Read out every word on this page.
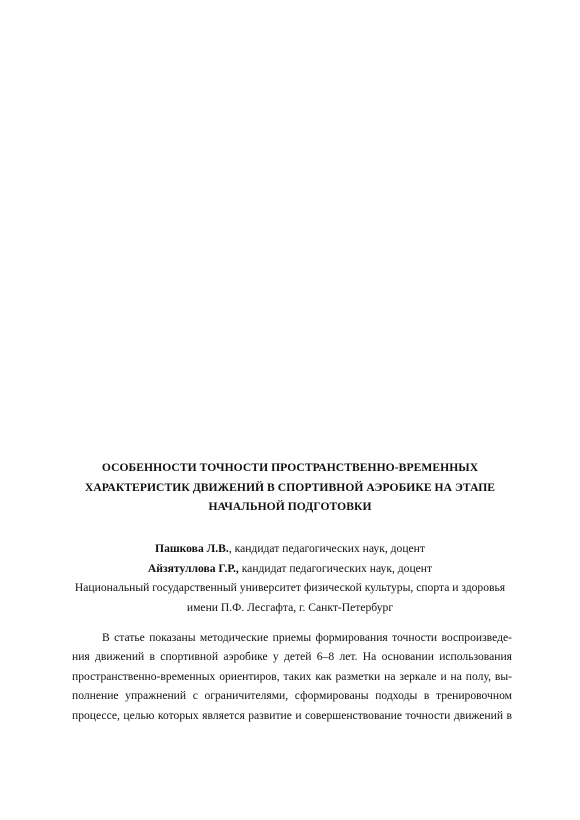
ОСОБЕННОСТИ ТОЧНОСТИ ПРОСТРАНСТВЕННО-ВРЕМЕННЫХ
ХАРАКТЕРИСТИК ДВИЖЕНИЙ В СПОРТИВНОЙ АЭРОБИКЕ НА ЭТАПЕ
НАЧАЛЬНОЙ ПОДГОТОВКИ
Пашкова Л.В., кандидат педагогических наук, доцент
Айзятуллова Г.Р., кандидат педагогических наук, доцент
Национальный государственный университет физической культуры, спорта и здоровья
имени П.Ф. Лесгафта, г. Санкт-Петербург
В статье показаны методические приемы формирования точности воспроизведе-
ния движений в спортивной аэробике у детей 6–8 лет. На основании использования
пространственно-временных ориентиров, таких как разметки на зеркале и на полу, вы-
полнение упражнений с ограничителями, сформированы подходы в тренировочном
процессе, целью которых является развитие и совершенствование точности движений в
